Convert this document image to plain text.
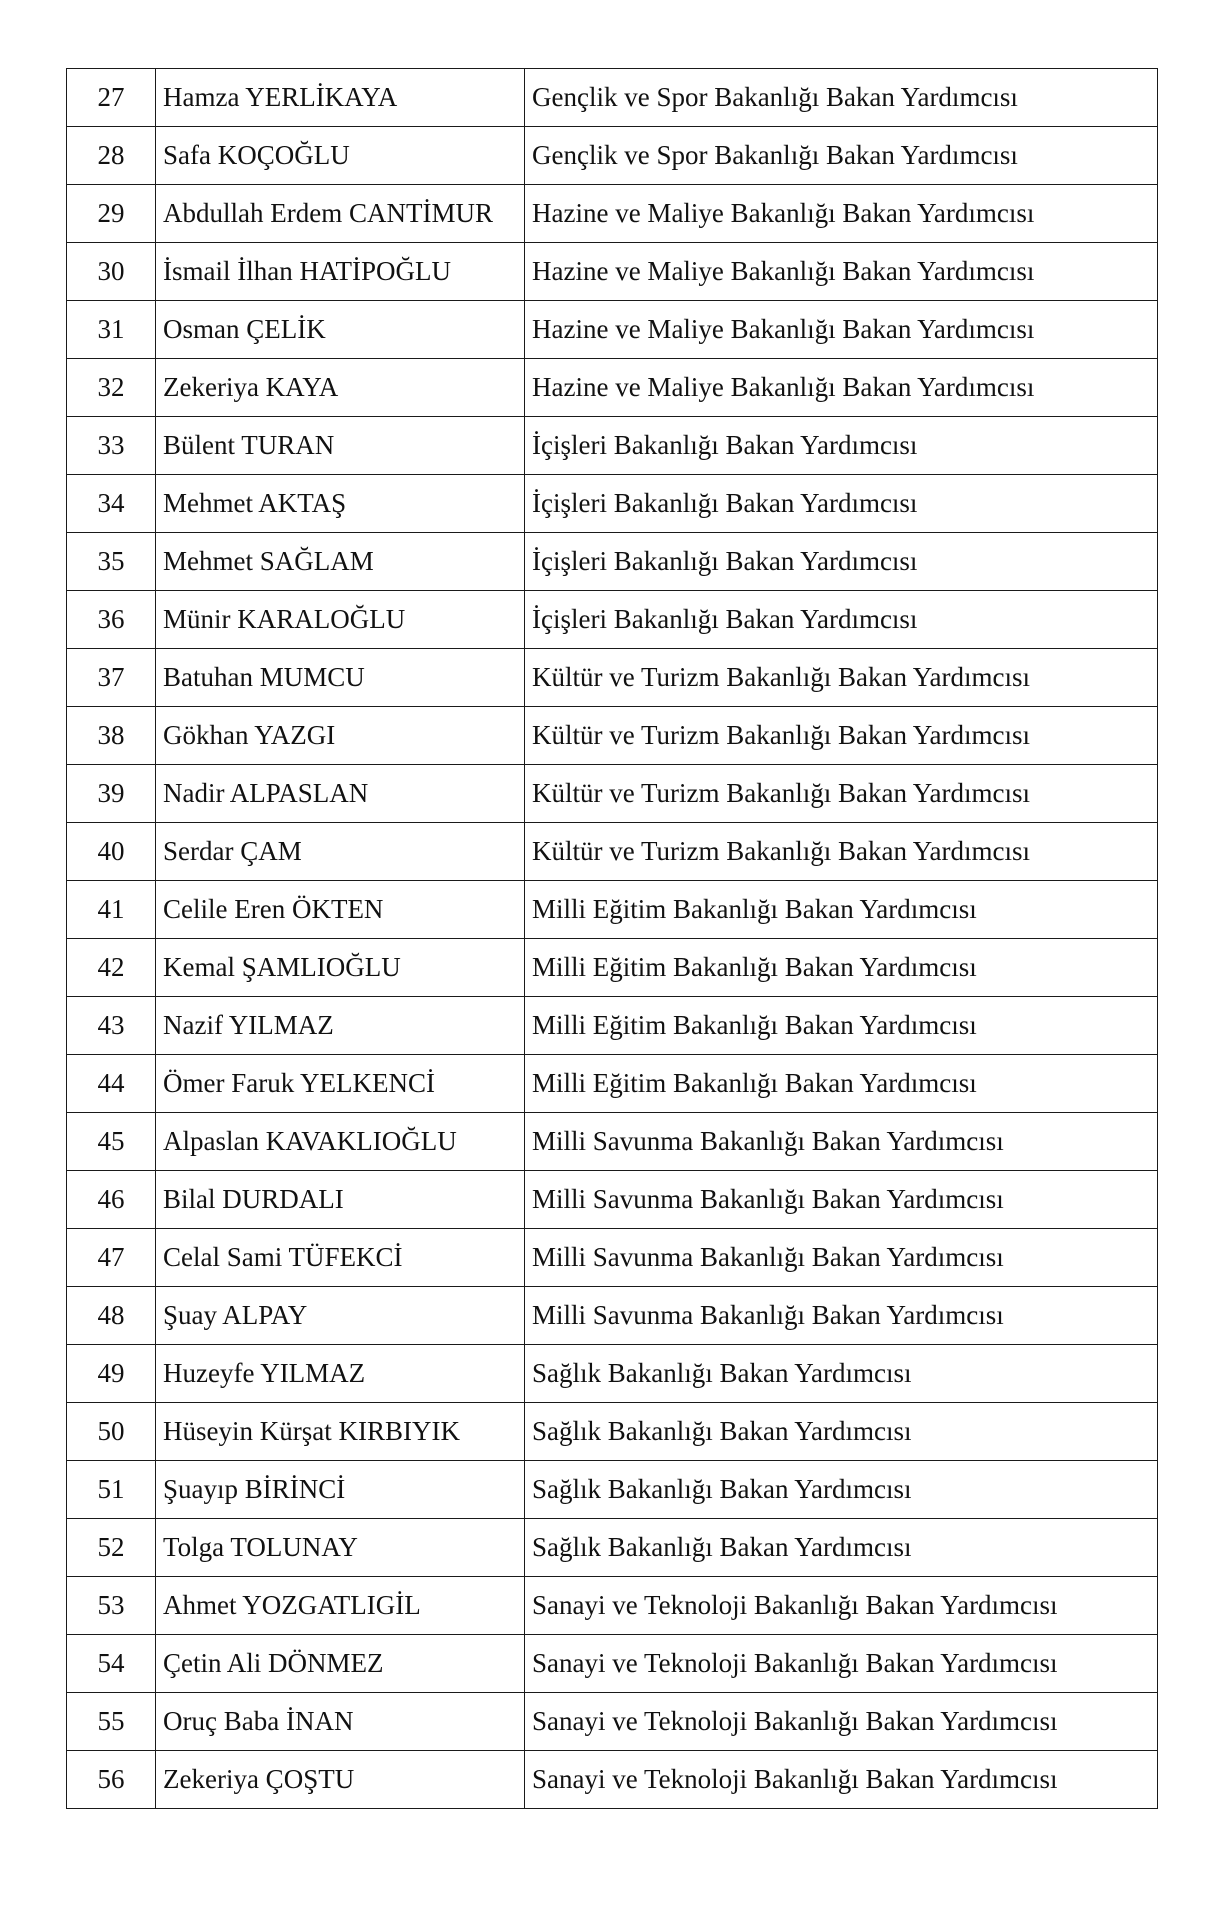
27	Hamza YERLİKAYA	Gençlik ve Spor Bakanlığı Bakan Yardımcısı
28	Safa KOÇOĞLU	Gençlik ve Spor Bakanlığı Bakan Yardımcısı
29	Abdullah Erdem CANTİMUR	Hazine ve Maliye Bakanlığı Bakan Yardımcısı
30	İsmail İlhan HATİPOĞLU	Hazine ve Maliye Bakanlığı Bakan Yardımcısı
31	Osman ÇELİK	Hazine ve Maliye Bakanlığı Bakan Yardımcısı
32	Zekeriya KAYA	Hazine ve Maliye Bakanlığı Bakan Yardımcısı
33	Bülent TURAN	İçişleri Bakanlığı Bakan Yardımcısı
34	Mehmet AKTAŞ	İçişleri Bakanlığı Bakan Yardımcısı
35	Mehmet SAĞLAM	İçişleri Bakanlığı Bakan Yardımcısı
36	Münir KARALOĞLU	İçişleri Bakanlığı Bakan Yardımcısı
37	Batuhan MUMCU	Kültür ve Turizm Bakanlığı Bakan Yardımcısı
38	Gökhan YAZGI	Kültür ve Turizm Bakanlığı Bakan Yardımcısı
39	Nadir ALPASLAN	Kültür ve Turizm Bakanlığı Bakan Yardımcısı
40	Serdar ÇAM	Kültür ve Turizm Bakanlığı Bakan Yardımcısı
41	Celile Eren ÖKTEN	Milli Eğitim Bakanlığı Bakan Yardımcısı
42	Kemal ŞAMLIOĞLU	Milli Eğitim Bakanlığı Bakan Yardımcısı
43	Nazif YILMAZ	Milli Eğitim Bakanlığı Bakan Yardımcısı
44	Ömer Faruk YELKENCİ	Milli Eğitim Bakanlığı Bakan Yardımcısı
45	Alpaslan KAVAKLIOĞLU	Milli Savunma Bakanlığı Bakan Yardımcısı
46	Bilal DURDALI	Milli Savunma Bakanlığı Bakan Yardımcısı
47	Celal Sami TÜFEKCİ	Milli Savunma Bakanlığı Bakan Yardımcısı
48	Şuay ALPAY	Milli Savunma Bakanlığı Bakan Yardımcısı
49	Huzeyfe YILMAZ	Sağlık Bakanlığı Bakan Yardımcısı
50	Hüseyin Kürşat KIRBIYIK	Sağlık Bakanlığı Bakan Yardımcısı
51	Şuayıp BİRİNCİ	Sağlık Bakanlığı Bakan Yardımcısı
52	Tolga TOLUNAY	Sağlık Bakanlığı Bakan Yardımcısı
53	Ahmet YOZGATLIGİL	Sanayi ve Teknoloji Bakanlığı Bakan Yardımcısı
54	Çetin Ali DÖNMEZ	Sanayi ve Teknoloji Bakanlığı Bakan Yardımcısı
55	Oruç Baba İNAN	Sanayi ve Teknoloji Bakanlığı Bakan Yardımcısı
56	Zekeriya ÇOŞTU	Sanayi ve Teknoloji Bakanlığı Bakan Yardımcısı
